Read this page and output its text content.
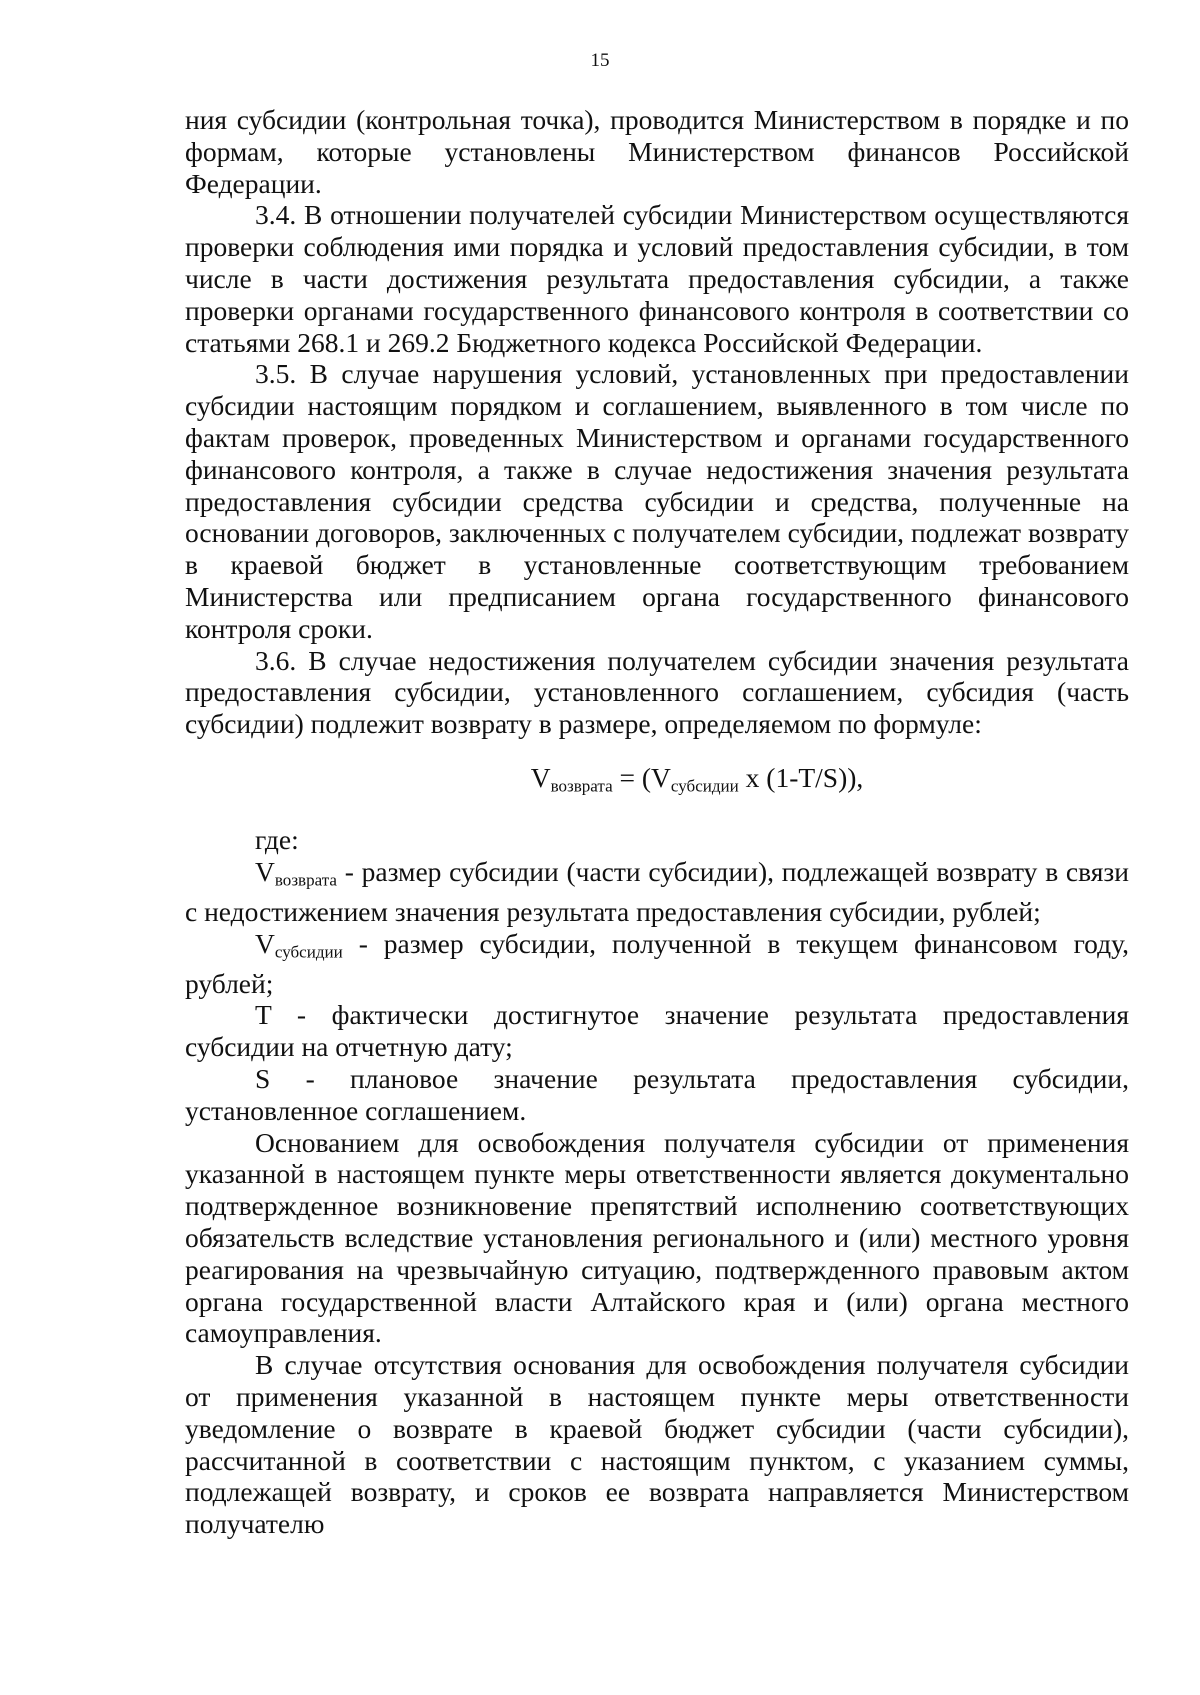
15

ния субсидии (контрольная точка), проводится Министерством в порядке и по формам, которые установлены Министерством финансов Российской Федерации.

3.4. В отношении получателей субсидии Министерством осуществляются проверки соблюдения ими порядка и условий предоставления субсидии, в том числе в части достижения результата предоставления субсидии, а также проверки органами государственного финансового контроля в соответствии со статьями 268.1 и 269.2 Бюджетного кодекса Российской Федерации.

3.5. В случае нарушения условий, установленных при предоставлении субсидии настоящим порядком и соглашением, выявленного в том числе по фактам проверок, проведенных Министерством и органами государственного финансового контроля, а также в случае недостижения значения результата предоставления субсидии средства субсидии и средства, полученные на основании договоров, заключенных с получателем субсидии, подлежат возврату в краевой бюджет в установленные соответствующим требованием Министерства или предписанием органа государственного финансового контроля сроки.

3.6. В случае недостижения получателем субсидии значения результата предоставления субсидии, установленного соглашением, субсидия (часть субсидии) подлежит возврату в размере, определяемом по формуле:

$V_{возврата} = (V_{субсидии}$ x (1-T/S)),

где:

$V_{возврата}$ - размер субсидии (части субсидии), подлежащей возврату в связи с недостижением значения результата предоставления субсидии, рублей;

$V_{субсидии}$ - размер субсидии, полученной в текущем финансовом году, рублей;

T - фактически достигнутое значение результата предоставления субсидии на отчетную дату;

S - плановое значение результата предоставления субсидии, установленное соглашением.

Основанием для освобождения получателя субсидии от применения указанной в настоящем пункте меры ответственности является документально подтвержденное возникновение препятствий исполнению соответствующих обязательств вследствие установления регионального и (или) местного уровня реагирования на чрезвычайную ситуацию, подтвержденного правовым актом органа государственной власти Алтайского края и (или) органа местного самоуправления.

В случае отсутствия основания для освобождения получателя субсидии от применения указанной в настоящем пункте меры ответственности уведомление о возврате в краевой бюджет субсидии (части субсидии), рассчитанной в соответствии с настоящим пунктом, с указанием суммы, подлежащей возврату, и сроков ее возврата направляется Министерством получателю
